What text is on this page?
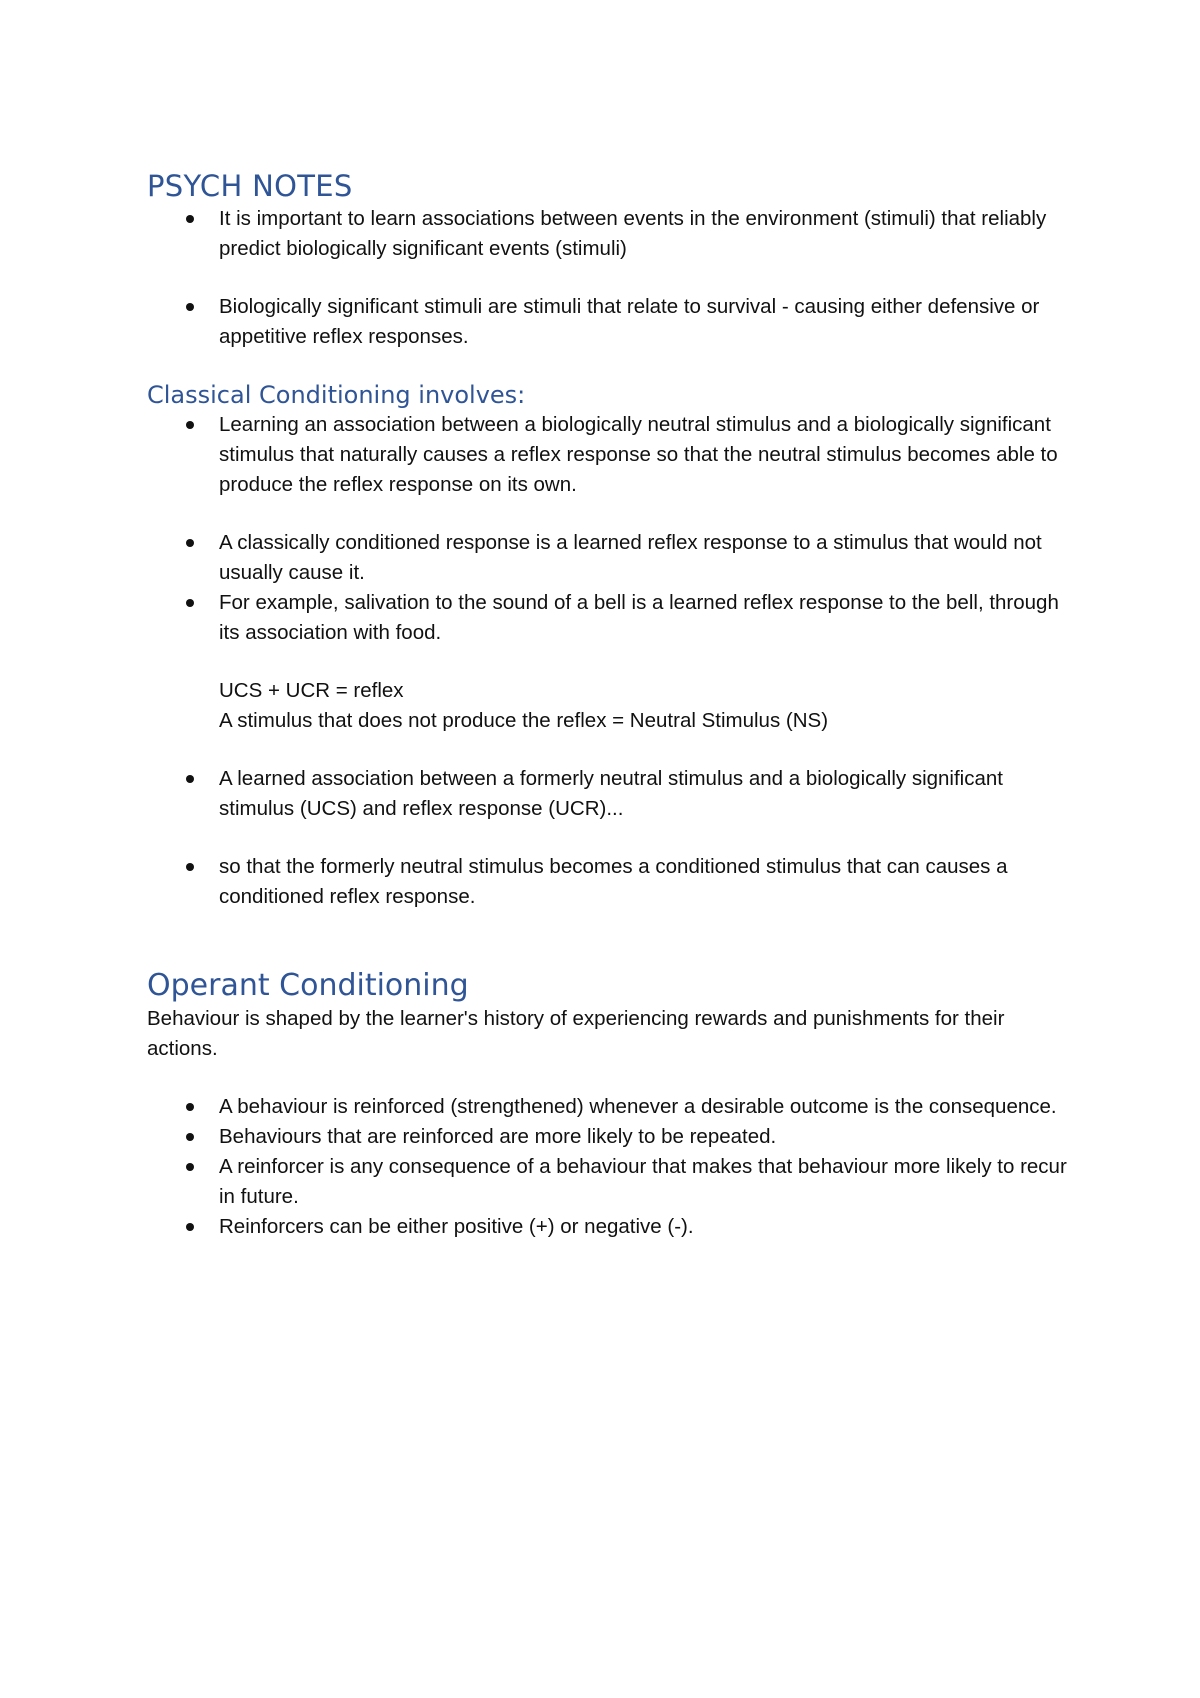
PSYCH NOTES
It is important to learn associations between events in the environment (stimuli) that reliably predict biologically significant events (stimuli)
Biologically significant stimuli are stimuli that relate to survival - causing either defensive or appetitive reflex responses.
Classical Conditioning involves:
Learning an association between a biologically neutral stimulus and a biologically significant stimulus that naturally causes a reflex response so that the neutral stimulus becomes able to produce the reflex response on its own.
A classically conditioned response is a learned reflex response to a stimulus that would not usually cause it.
For example, salivation to the sound of a bell is a learned reflex response to the bell, through its association with food.

UCS + UCR = reflex

A stimulus that does not produce the reflex = Neutral Stimulus (NS)

A learned association between a formerly neutral stimulus and a biologically significant stimulus (UCS) and reflex response (UCR)...
so that the formerly neutral stimulus becomes a conditioned stimulus that can causes a conditioned reflex response.
Operant Conditioning

Behaviour is shaped by the learner's history of experiencing rewards and punishments for their actions.

A behaviour is reinforced (strengthened) whenever a desirable outcome is the consequence.
Behaviours that are reinforced are more likely to be repeated.
A reinforcer is any consequence of a behaviour that makes that behaviour more likely to recur in future.
Reinforcers can be either positive (+) or negative (-).
